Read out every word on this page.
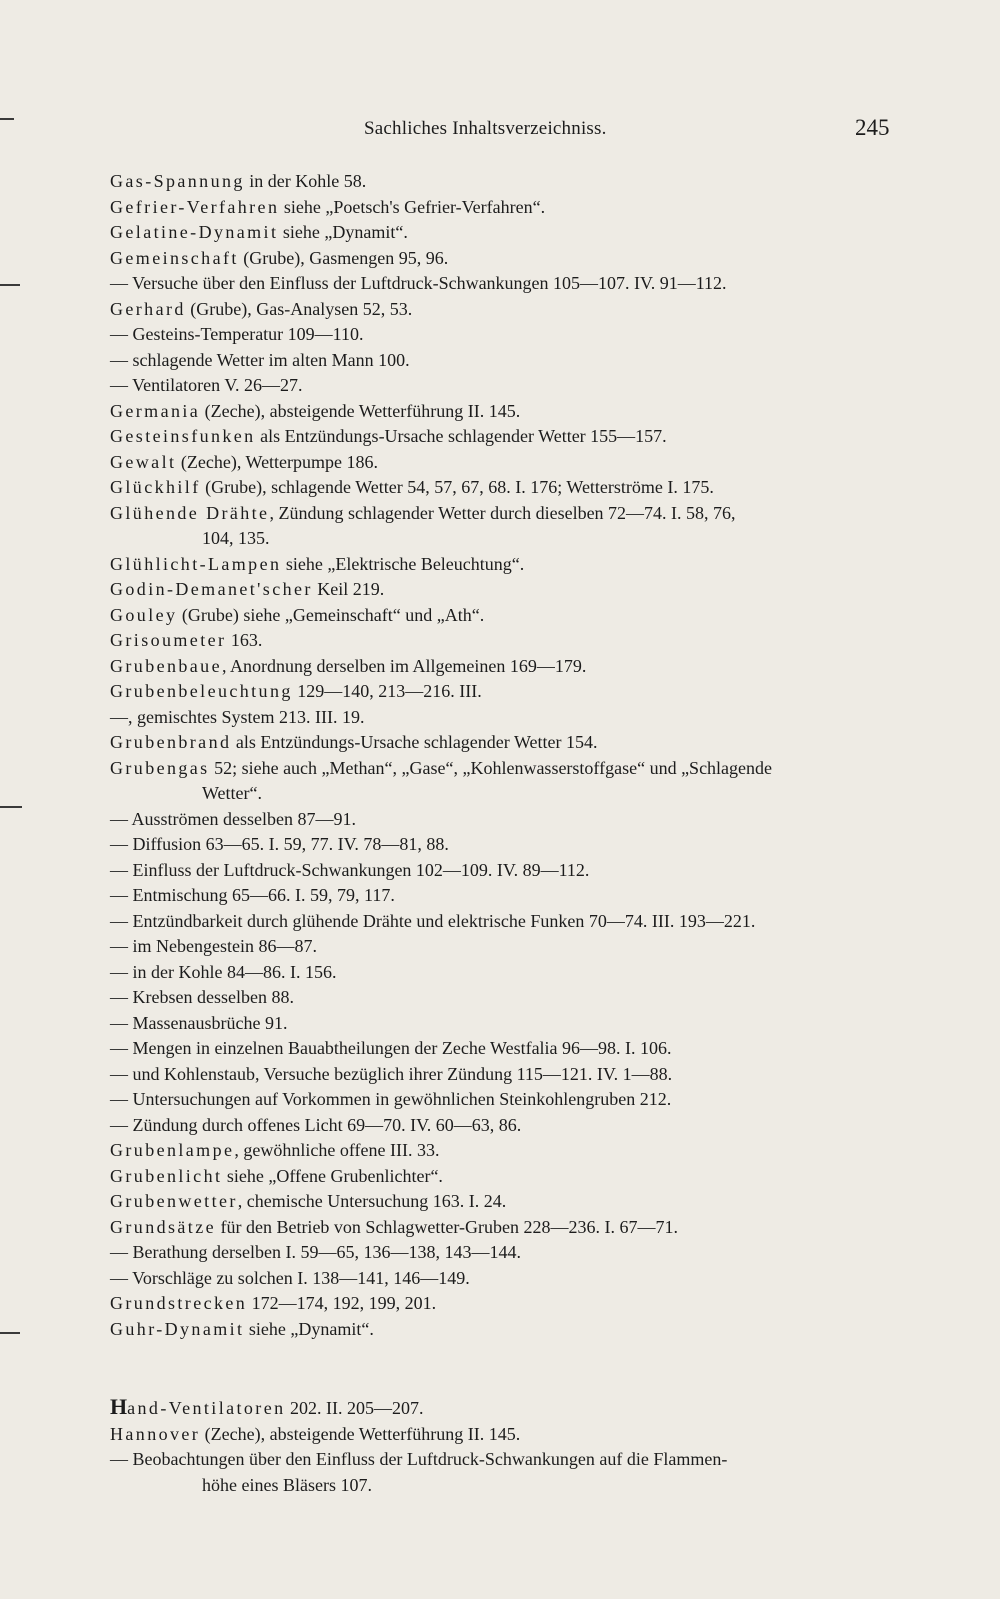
Sachliches Inhaltsverzeichniss.	245
Gas-Spannung in der Kohle 58.
Gefrier-Verfahren siehe „Poetsch's Gefrier-Verfahren“.
Gelatine-Dynamit siehe „Dynamit“.
Gemeinschaft (Grube), Gasmengen 95, 96.
— Versuche über den Einfluss der Luftdruck-Schwankungen 105—107. IV. 91—112.
Gerhard (Grube), Gas-Analysen 52, 53.
— Gesteins-Temperatur 109—110.
— schlagende Wetter im alten Mann 100.
— Ventilatoren V. 26—27.
Germania (Zeche), absteigende Wetterführung II. 145.
Gesteinsfunken als Entzündungs-Ursache schlagender Wetter 155—157.
Gewalt (Zeche), Wetterpumpe 186.
Glückhilf (Grube), schlagende Wetter 54, 57, 67, 68. I. 176; Wetterströme I. 175.
Glühende Drähte, Zündung schlagender Wetter durch dieselben 72—74. I. 58, 76,
104, 135.
Glühlicht-Lampen siehe „Elektrische Beleuchtung“.
Godin-Demanet'scher Keil 219.
Gouley (Grube) siehe „Gemeinschaft“ und „Ath“.
Grisoumeter 163.
Grubenbaue, Anordnung derselben im Allgemeinen 169—179.
Grubenbeleuchtung 129—140, 213—216. III.
—, gemischtes System 213. III. 19.
Grubenbrand als Entzündungs-Ursache schlagender Wetter 154.
Grubengas 52; siehe auch „Methan“, „Gase“, „Kohlenwasserstoffgase“ und „Schlagende
Wetter“.
— Ausströmen desselben 87—91.
— Diffusion 63—65. I. 59, 77. IV. 78—81, 88.
— Einfluss der Luftdruck-Schwankungen 102—109. IV. 89—112.
— Entmischung 65—66. I. 59, 79, 117.
— Entzündbarkeit durch glühende Drähte und elektrische Funken 70—74. III. 193—221.
— im Nebengestein 86—87.
— in der Kohle 84—86. I. 156.
— Krebsen desselben 88.
— Massenausbrüche 91.
— Mengen in einzelnen Bauabtheilungen der Zeche Westfalia 96—98. I. 106.
— und Kohlenstaub, Versuche bezüglich ihrer Zündung 115—121. IV. 1—88.
— Untersuchungen auf Vorkommen in gewöhnlichen Steinkohlengruben 212.
— Zündung durch offenes Licht 69—70. IV. 60—63, 86.
Grubenlampe, gewöhnliche offene III. 33.
Grubenlicht siehe „Offene Grubenlichter“.
Grubenwetter, chemische Untersuchung 163. I. 24.
Grundsätze für den Betrieb von Schlagwetter-Gruben 228—236. I. 67—71.
— Berathung derselben I. 59—65, 136—138, 143—144.
— Vorschläge zu solchen I. 138—141, 146—149.
Grundstrecken 172—174, 192, 199, 201.
Guhr-Dynamit siehe „Dynamit“.
Hand-Ventilatoren 202. II. 205—207.
Hannover (Zeche), absteigende Wetterführung II. 145.
— Beobachtungen über den Einfluss der Luftdruck-Schwankungen auf die Flammen-
höhe eines Bläsers 107.
